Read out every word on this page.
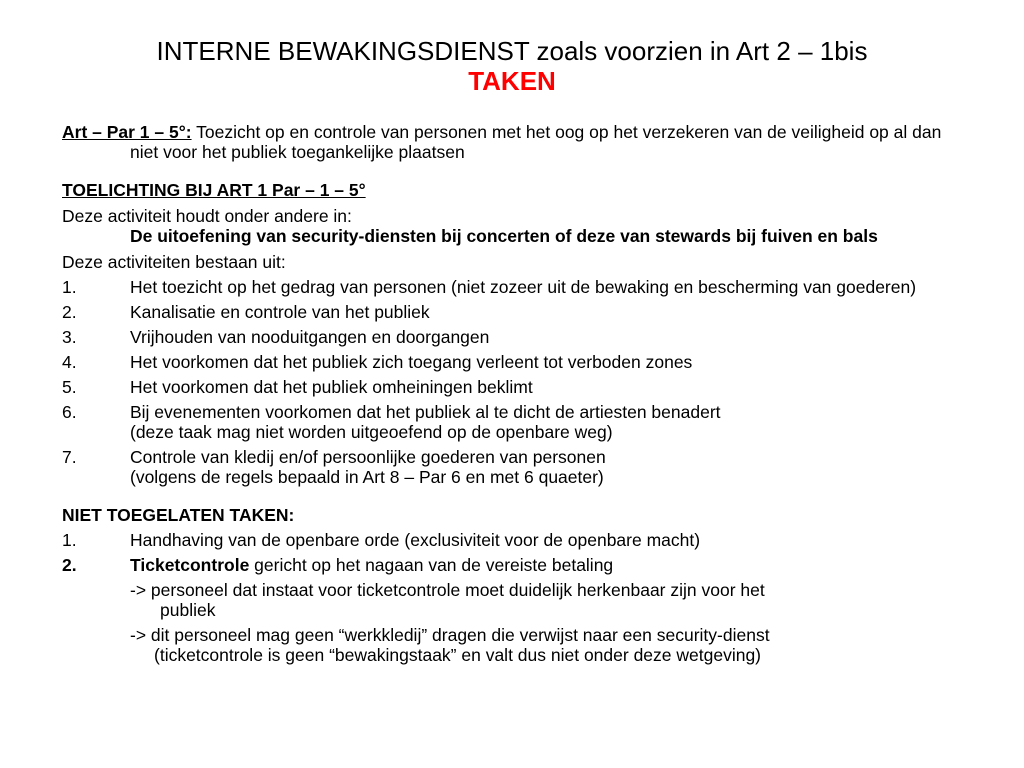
INTERNE BEWAKINGSDIENST zoals voorzien in Art 2 – 1bis
TAKEN

Art – Par 1 – 5°: Toezicht op en controle van personen met het oog op het verzekeren van de veiligheid op al dan niet voor het publiek toegankelijke plaatsen

TOELICHTING BIJ ART 1 Par – 1 – 5°

Deze activiteit houdt onder andere in:

De uitoefening van security-diensten bij concerten of deze van stewards bij fuiven en bals

Deze activiteiten bestaan uit:

1.	Het toezicht op het gedrag van personen (niet zozeer uit de bewaking en bescherming van goederen)
2.	Kanalisatie en controle van het publiek
3.	Vrijhouden van nooduitgangen en doorgangen
4.	Het voorkomen dat het publiek zich toegang verleent tot verboden zones
5.	Het voorkomen dat het publiek omheiningen beklimt
6.	Bij evenementen voorkomen dat het publiek al te dicht de artiesten benadert
(deze taak mag niet worden uitgeoefend op de openbare weg)
7.	Controle van kledij en/of persoonlijke goederen van personen
(volgens de regels bepaald in Art 8 – Par 6 en met 6 quaeter)

NIET TOEGELATEN TAKEN:

1.	Handhaving van de openbare orde (exclusiviteit voor de openbare macht)
2.	Ticketcontrole gericht op het nagaan van de vereiste betaling
-> personeel dat instaat voor ticketcontrole moet duidelijk herkenbaar zijn voor het
publiek
-> dit personeel mag geen “werkkledij” dragen die verwijst naar een security-dienst
(ticketcontrole is geen “bewakingstaak” en valt dus niet onder deze wetgeving)
